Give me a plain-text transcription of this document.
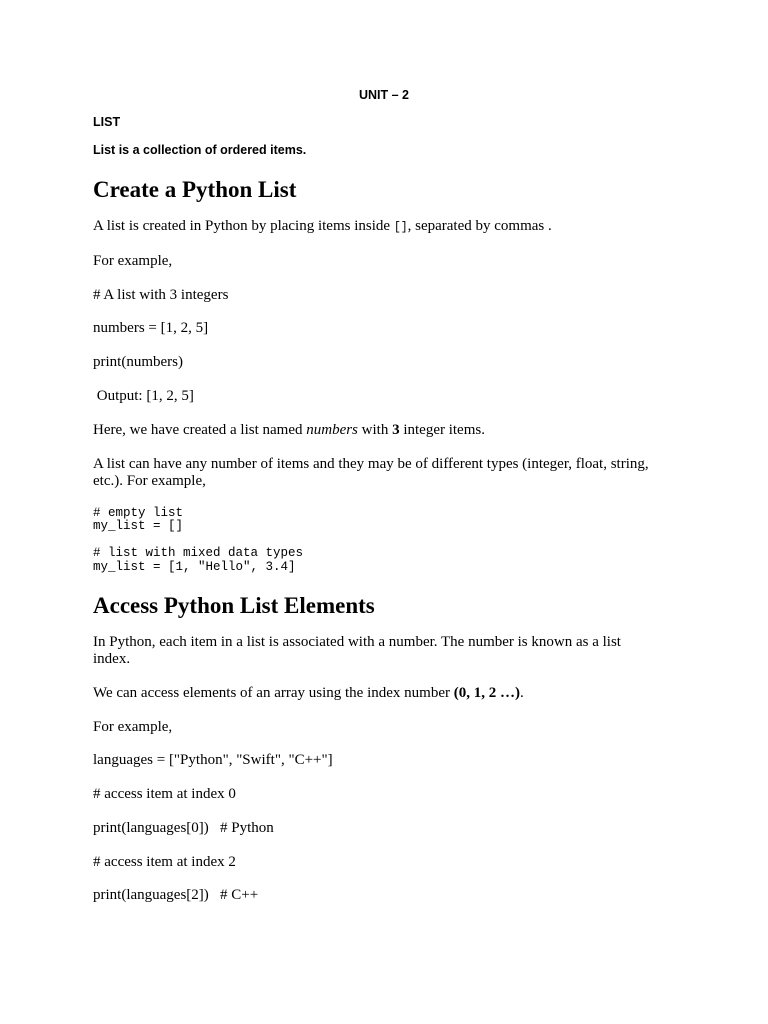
UNIT – 2
LIST
List is a collection of ordered items.
Create a Python List
A list is created in Python by placing items inside [], separated by commas .
For example,
# A list with 3 integers
numbers = [1, 2, 5]
print(numbers)
Output: [1, 2, 5]
Here, we have created a list named numbers with 3 integer items.
A list can have any number of items and they may be of different types (integer, float, string,
etc.). For example,
# empty list
my_list = []
# list with mixed data types
my_list = [1, "Hello", 3.4]
Access Python List Elements
In Python, each item in a list is associated with a number. The number is known as a list
index.
We can access elements of an array using the index number (0, 1, 2 …).
For example,
languages = ["Python", "Swift", "C++"]
# access item at index 0
print(languages[0])   # Python
# access item at index 2
print(languages[2])   # C++
